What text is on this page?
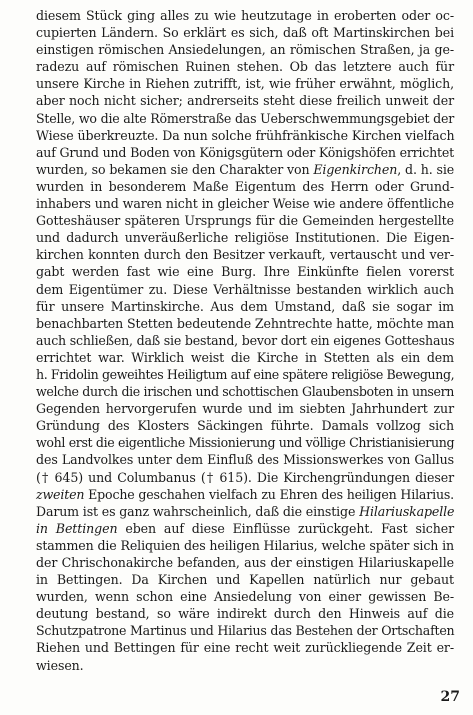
diesem Stück ging alles zu wie heutzutage in eroberten oder oc-
cupierten Ländern. So erklärt es sich, daß oft Martinskirchen bei
einstigen römischen Ansiedelungen, an römischen Straßen, ja ge-
radezu auf römischen Ruinen stehen. Ob das letztere auch für
unsere Kirche in Riehen zutrifft, ist, wie früher erwähnt, möglich,
aber noch nicht sicher; andrerseits steht diese freilich unweit der
Stelle, wo die alte Römerstraße das Ueberschwemmungsgebiet der
Wiese überkreuzte. Da nun solche frühfränkische Kirchen vielfach
auf Grund und Boden von Königsgütern oder Königshöfen errichtet
wurden, so bekamen sie den Charakter von Eigenkirchen, d. h. sie
wurden in besonderem Maße Eigentum des Herrn oder Grund-
inhabers und waren nicht in gleicher Weise wie andere öffentliche
Gotteshäuser späteren Ursprungs für die Gemeinden hergestellte
und dadurch unveräußerliche religiöse Institutionen. Die Eigen-
kirchen konnten durch den Besitzer verkauft, vertauscht und ver-
gabt werden fast wie eine Burg. Ihre Einkünfte fielen vorerst
dem Eigentümer zu. Diese Verhältnisse bestanden wirklich auch
für unsere Martinskirche. Aus dem Umstand, daß sie sogar im
benachbarten Stetten bedeutende Zehntrechte hatte, möchte man
auch schließen, daß sie bestand, bevor dort ein eigenes Gotteshaus
errichtet war. Wirklich weist die Kirche in Stetten als ein dem
h. Fridolin geweihtes Heiligtum auf eine spätere religiöse Bewegung,
welche durch die irischen und schottischen Glaubensboten in unsern
Gegenden hervorgerufen wurde und im siebten Jahrhundert zur
Gründung des Klosters Säckingen führte. Damals vollzog sich
wohl erst die eigentliche Missionierung und völlige Christianisierung
des Landvolkes unter dem Einfluß des Missionswerkes von Gallus
(† 645) und Columbanus († 615). Die Kirchengründungen dieser
zweiten Epoche geschahen vielfach zu Ehren des heiligen Hilarius.
Darum ist es ganz wahrscheinlich, daß die einstige Hilariuskapelle
in Bettingen eben auf diese Einflüsse zurückgeht. Fast sicher
stammen die Reliquien des heiligen Hilarius, welche später sich in
der Chrischonakirche befanden, aus der einstigen Hilariuskapelle
in Bettingen. Da Kirchen und Kapellen natürlich nur gebaut
wurden, wenn schon eine Ansiedelung von einer gewissen Be-
deutung bestand, so wäre indirekt durch den Hinweis auf die
Schutzpatrone Martinus und Hilarius das Bestehen der Ortschaften
Riehen und Bettingen für eine recht weit zurückliegende Zeit er-
wiesen.
27
